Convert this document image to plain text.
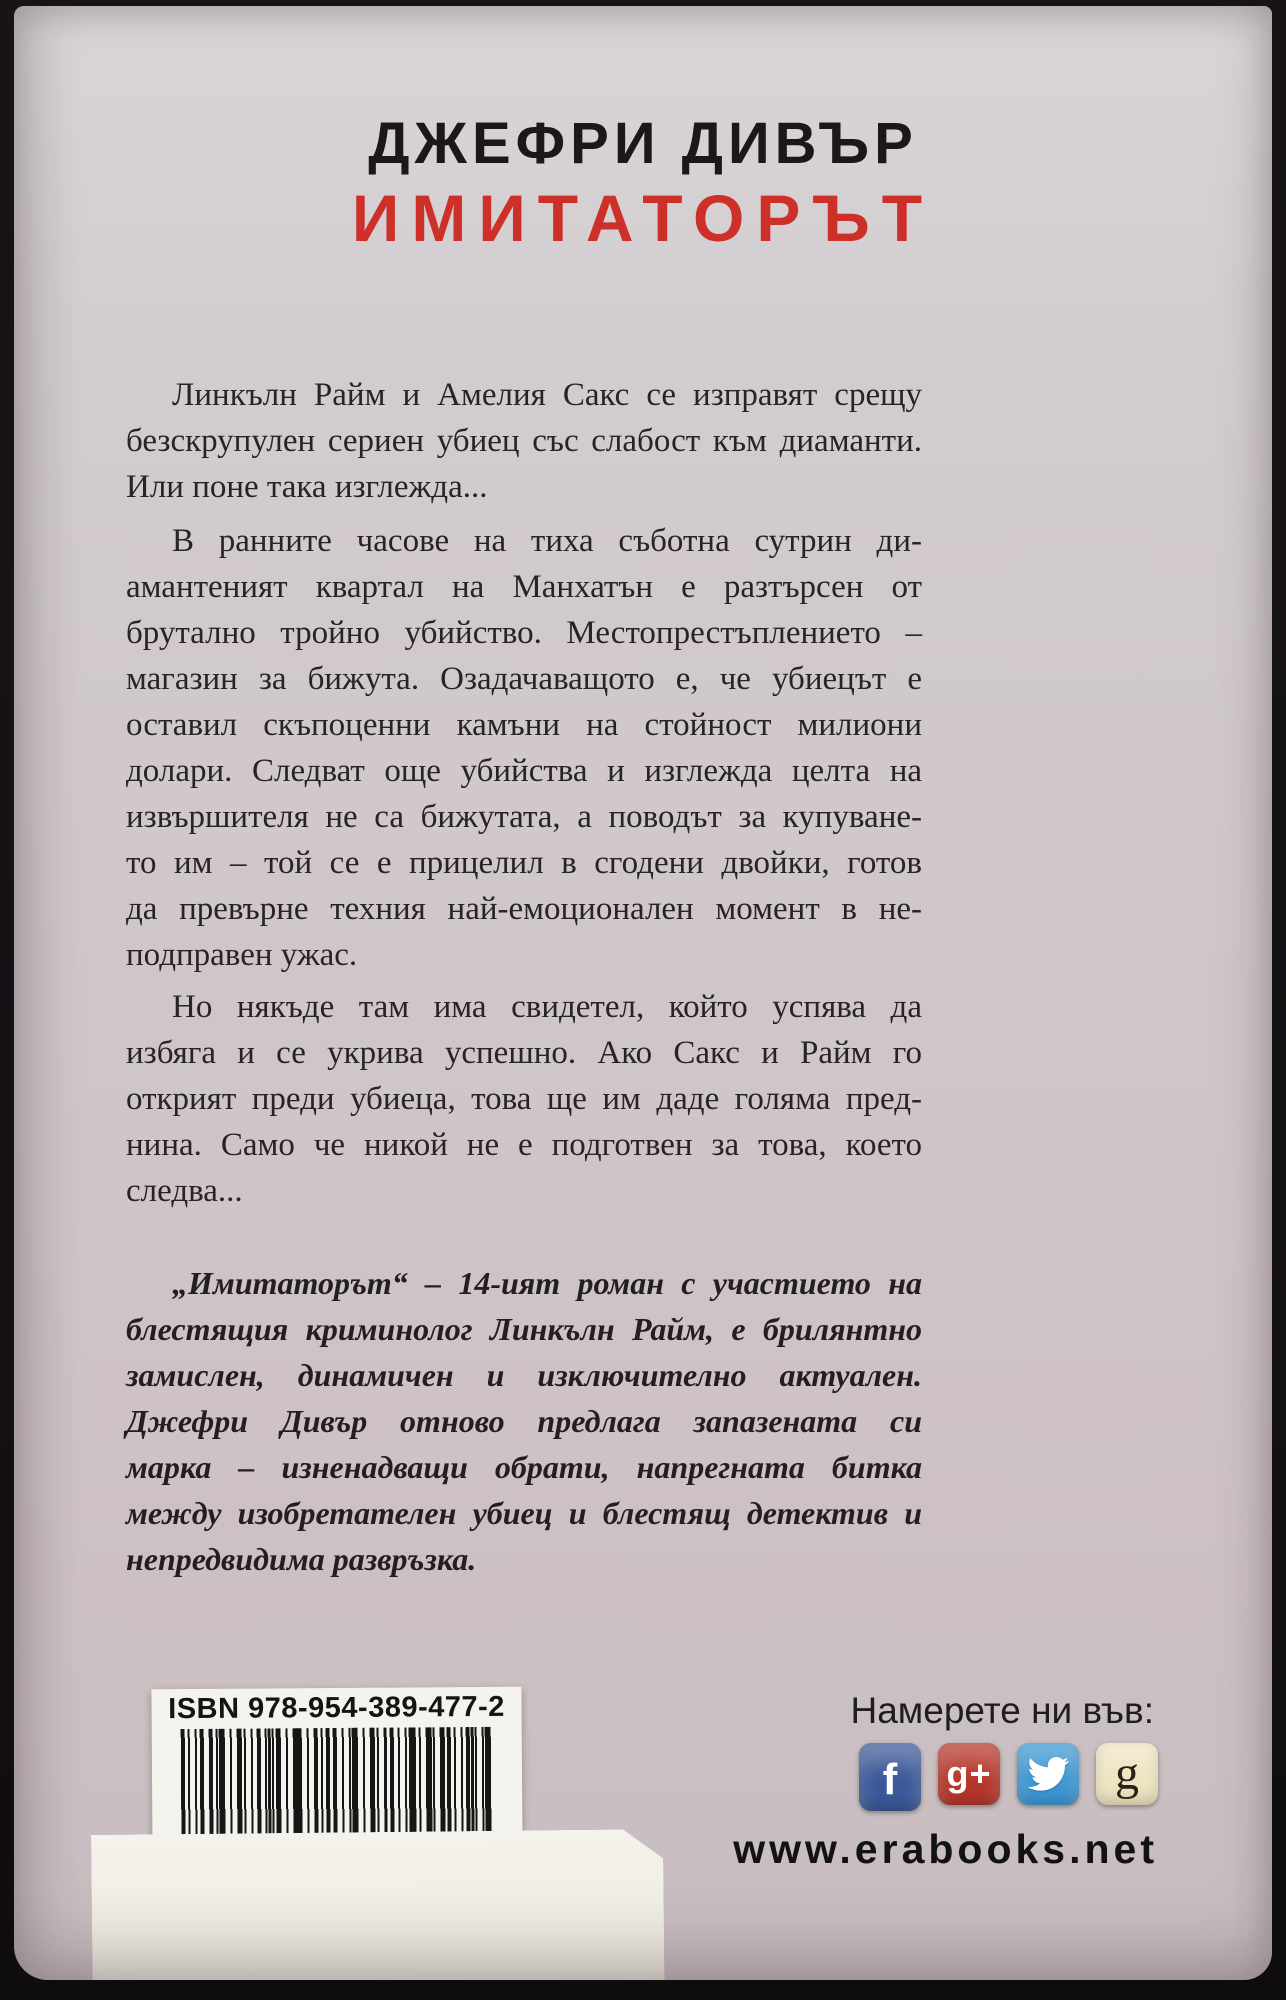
ДЖЕФРИ ДИВЪР
ИМИТАТОРЪТ
Линкълн Райм и Амелия Сакс се изправят срещу
безскрупулен сериен убиец със слабост към диаманти.
Или поне така изглежда...
В ранните часове на тиха съботна сутрин ди-
амантеният квартал на Манхатън е разтърсен от
брутално тройно убийство. Местопрестъплението –
магазин за бижута. Озадачаващото е, че убиецът е
оставил скъпоценни камъни на стойност милиони
долари. Следват още убийства и изглежда целта на
извършителя не са бижутата, а поводът за купуване-
то им – той се е прицелил в сгодени двойки, готов
да превърне техния най-емоционален момент в не-
подправен ужас.
Но някъде там има свидетел, който успява да
избяга и се укрива успешно. Ако Сакс и Райм го
открият преди убиеца, това ще им даде голяма пред-
нина. Само че никой не е подготвен за това, което
следва...
„Имитаторът“ – 14-ият роман с участието на
блестящия криминолог Линкълн Райм, е брилянтно
замислен, динамичен и изключително актуален.
Джефри Дивър отново предлага запазената си
марка – изненадващи обрати, напрегната битка
между изобретателен убиец и блестящ детектив и
непредвидима развръзка.
ISBN 978-954-389-477-2	Намерете ни във:
f	g+	g
www.erabooks.net
